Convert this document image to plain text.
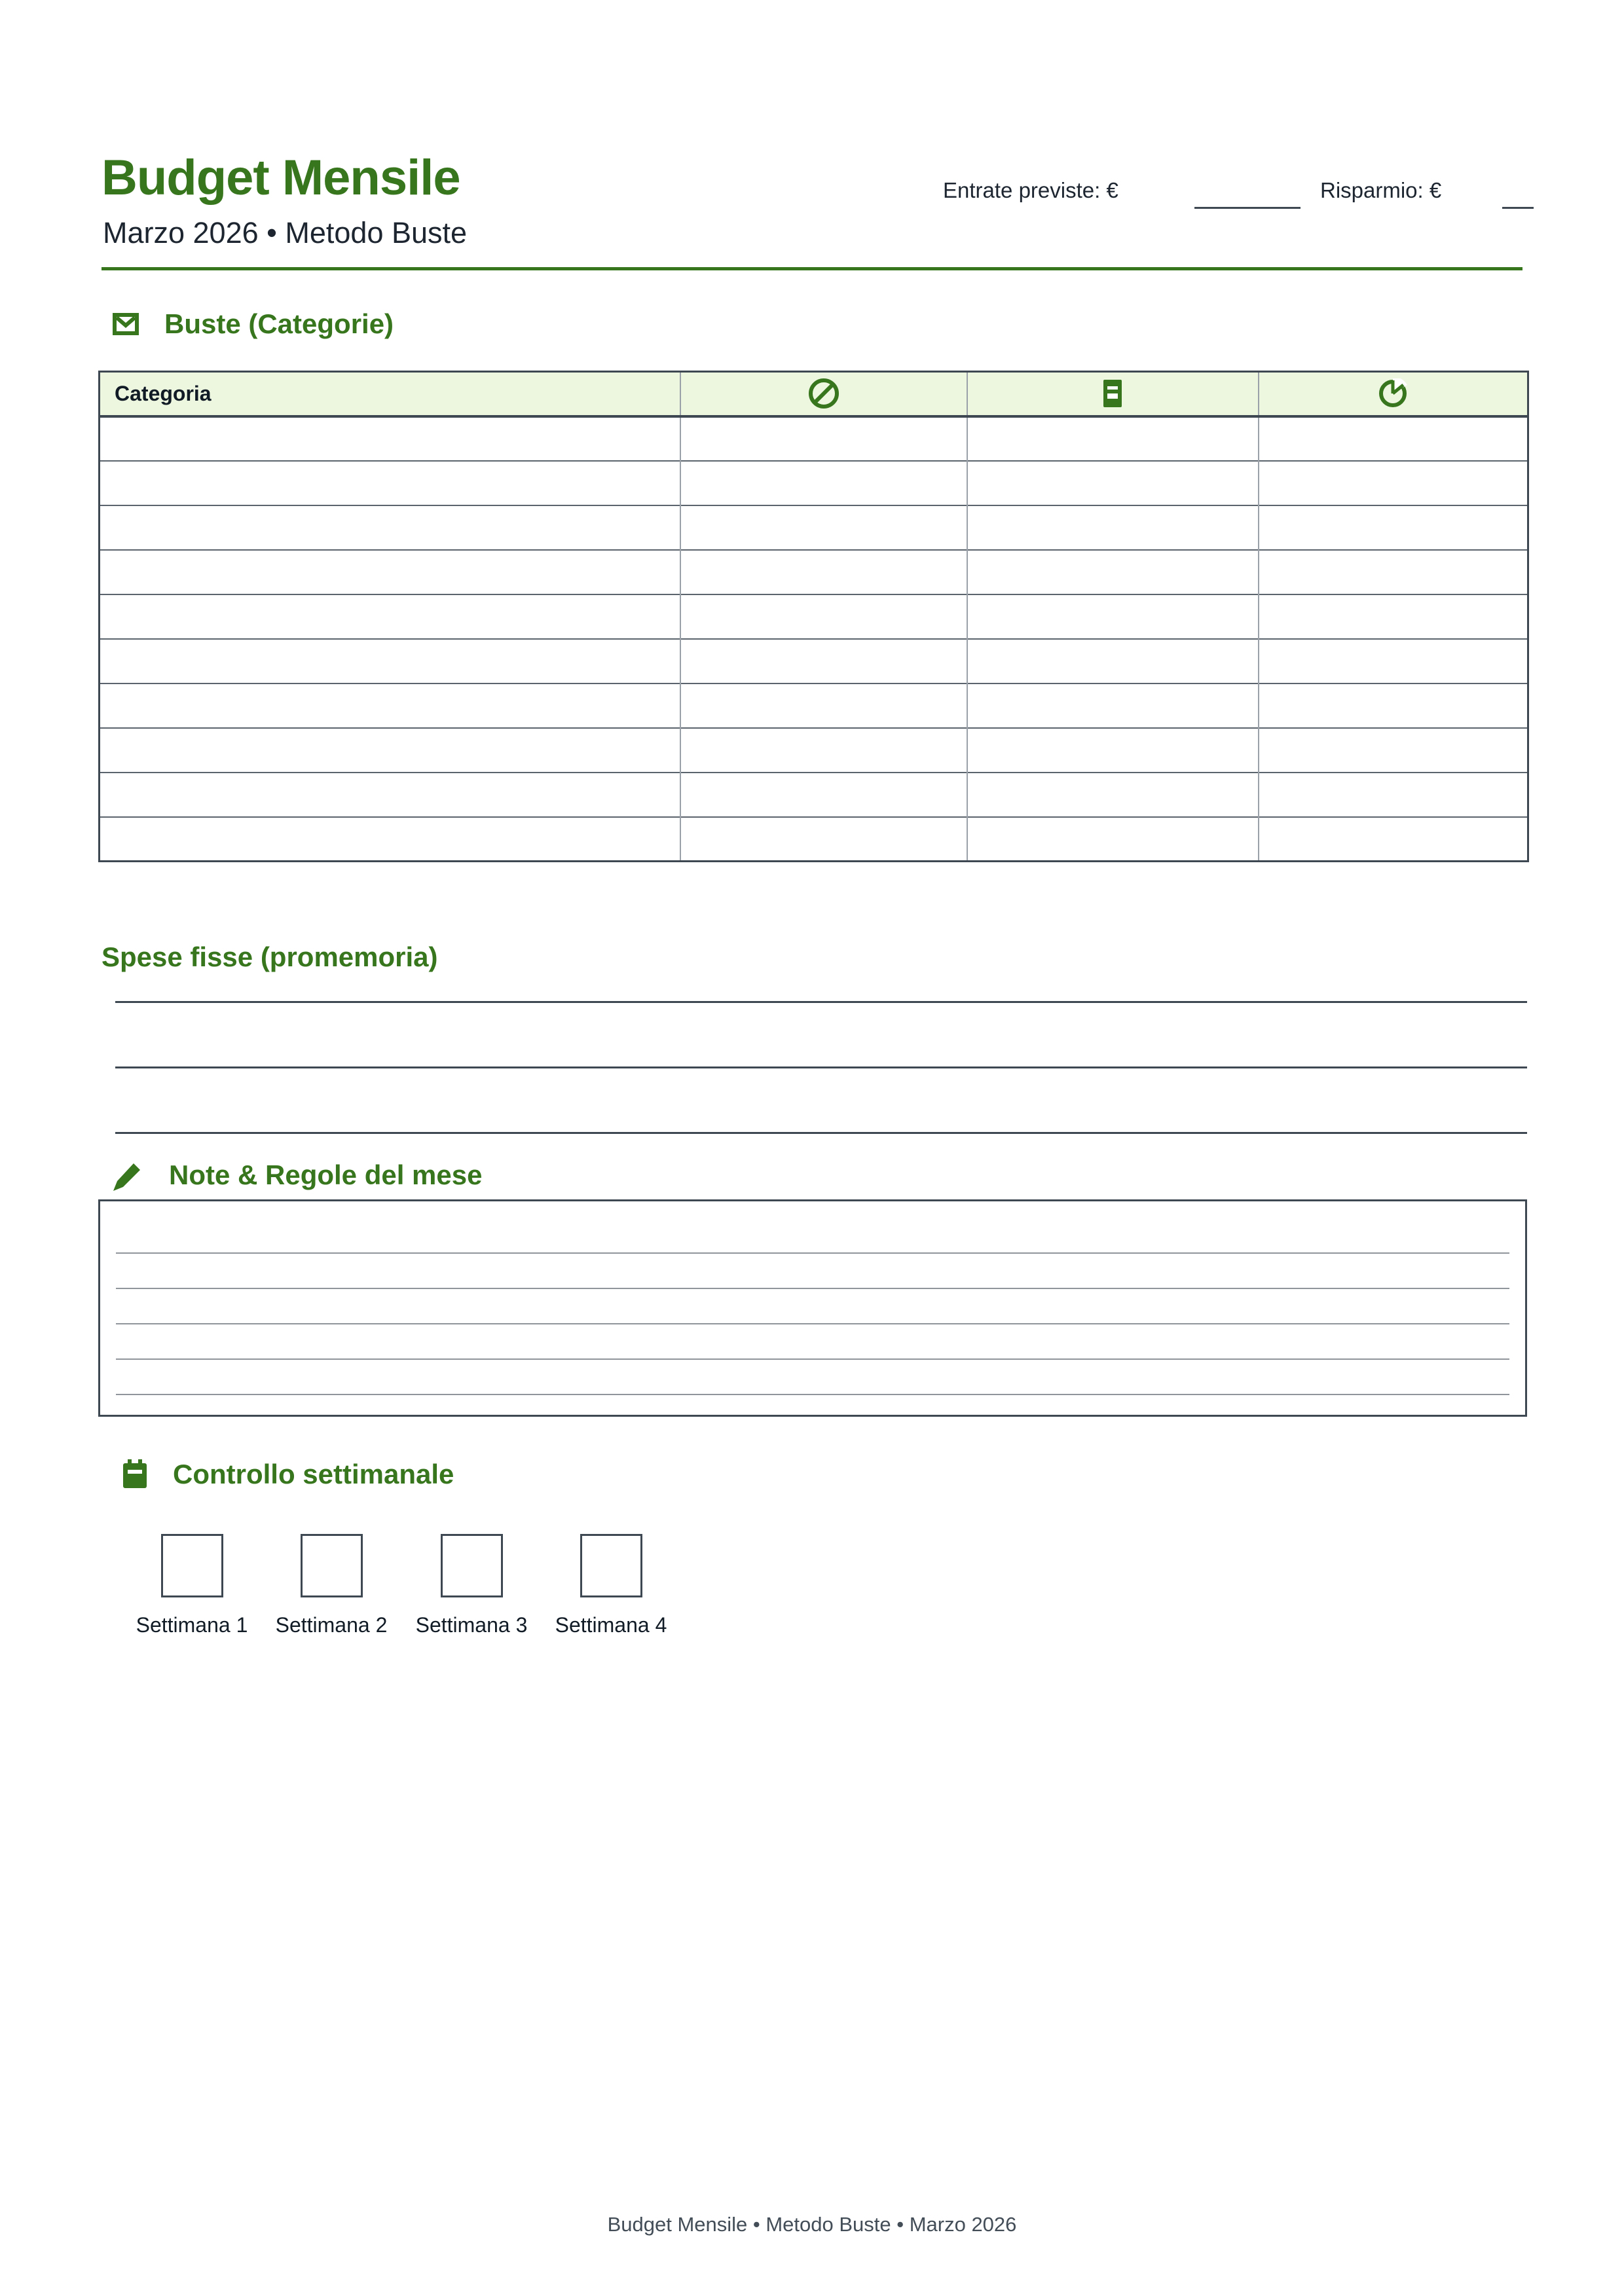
Budget Mensile
Marzo 2026 • Metodo Buste
Entrate previste: €	Risparmio: €
Buste (Categorie)
Categoria			

Spese fisse (promemoria)
Note & Regole del mese
Controllo settimanale
Settimana 1 Settimana 2 Settimana 3 Settimana 4
Budget Mensile • Metodo Buste • Marzo 2026
